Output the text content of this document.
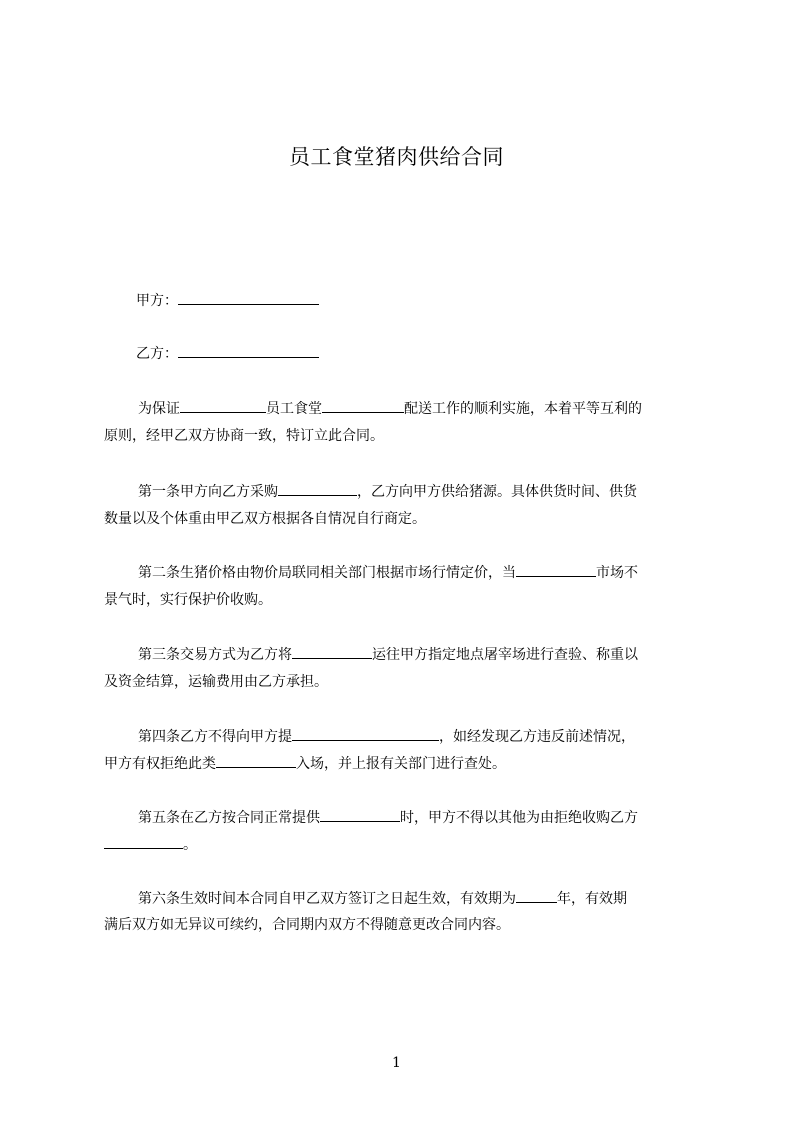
员工食堂猪肉供给合同
甲方：
乙方：
为保证	员工食堂	配送工作的顺利实施，本着平等互利的
原则，经甲乙双方协商一致，特订立此合同。
第一条甲方向乙方采购	，乙方向甲方供给猪源。具体供货时间、供货
数量以及个体重由甲乙双方根据各自情况自行商定。
第二条生猪价格由物价局联同相关部门根据市场行情定价，当	市场不
景气时，实行保护价收购。
第三条交易方式为乙方将	运往甲方指定地点屠宰场进行查验、称重以
及资金结算，运输费用由乙方承担。
第四条乙方不得向甲方提	，如经发现乙方违反前述情况，
甲方有权拒绝此类	入场，并上报有关部门进行查处。
第五条在乙方按合同正常提供	时，甲方不得以其他为由拒绝收购乙方
。
第六条生效时间本合同自甲乙双方签订之日起生效，有效期为	年，有效期
满后双方如无异议可续约，合同期内双方不得随意更改合同内容。
1
